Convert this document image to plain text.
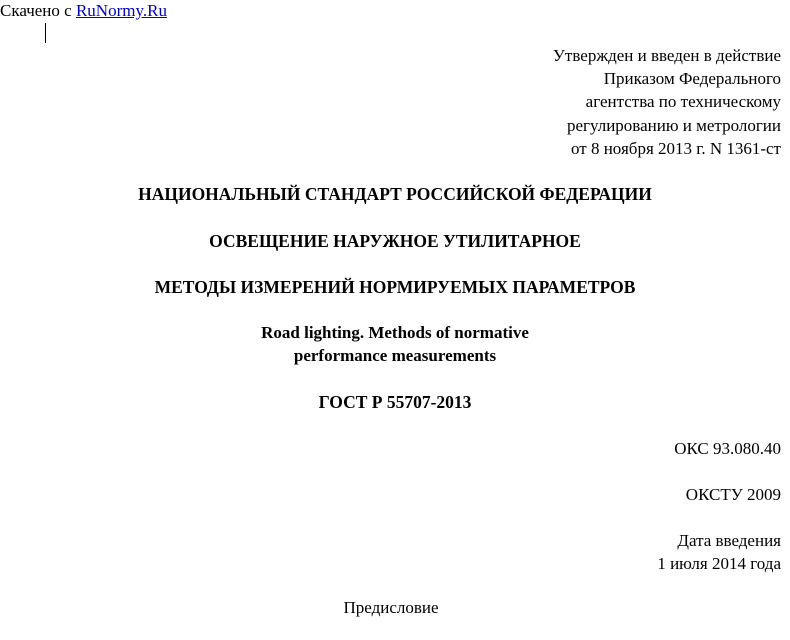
Скачено с RuNormy.Ru
Утвержден и введен в действие
Приказом Федерального
агентства по техническому
регулированию и метрологии
от 8 ноября 2013 г. N 1361-ст
НАЦИОНАЛЬНЫЙ СТАНДАРТ РОССИЙСКОЙ ФЕДЕРАЦИИ
ОСВЕЩЕНИЕ НАРУЖНОЕ УТИЛИТАРНОЕ
МЕТОДЫ ИЗМЕРЕНИЙ НОРМИРУЕМЫХ ПАРАМЕТРОВ
Road lighting. Methods of normative
performance measurements
ГОСТ Р 55707-2013
ОКС 93.080.40
ОКСТУ 2009
Дата введения
1 июля 2014 года
Предисловие
